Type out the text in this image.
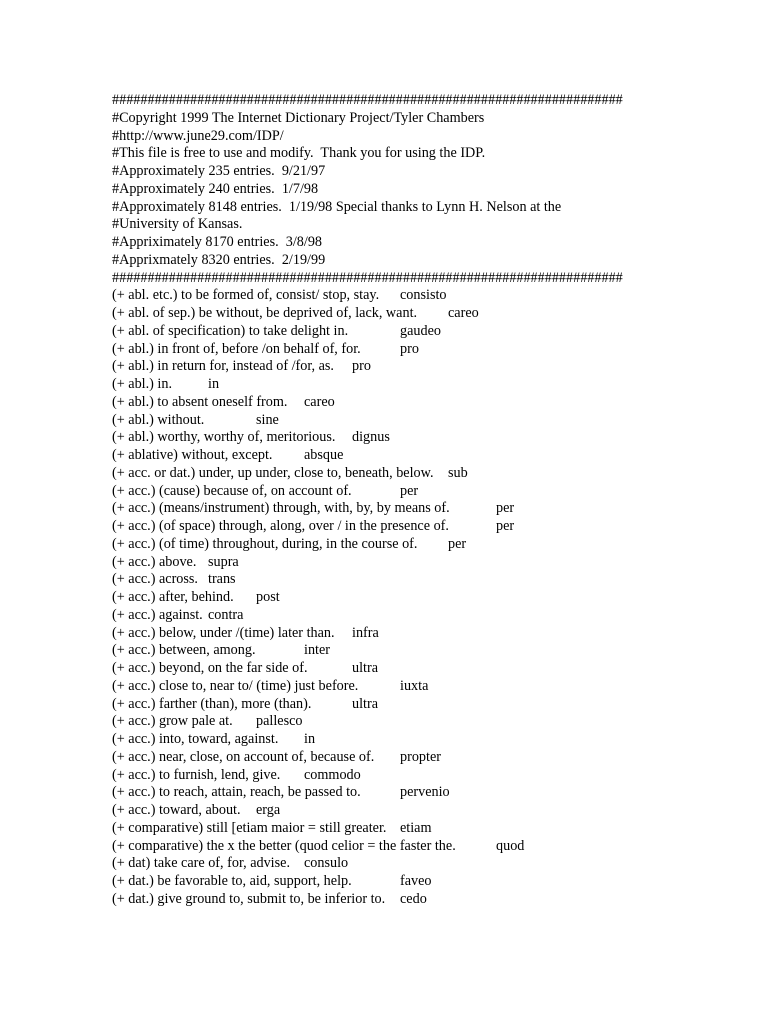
########################################################################
#Copyright 1999 The Internet Dictionary Project/Tyler Chambers
#http://www.june29.com/IDP/
#This file is free to use and modify.  Thank you for using the IDP.
#Approximately 235 entries.  9/21/97
#Approximately 240 entries.  1/7/98
#Approximately 8148 entries.  1/19/98 Special thanks to Lynn H. Nelson at the
#University of Kansas.
#Appriximately 8170 entries.  3/8/98
#Apprixmately 8320 entries.  2/19/99
########################################################################
(+ abl. etc.) to be formed of, consist/ stop, stay. consisto
(+ abl. of sep.) be without, be deprived of, lack, want. careo
(+ abl. of specification) to take delight in.	gaudeo
(+ abl.) in front of, before /on behalf of, for.	pro
(+ abl.) in return for, instead of /for, as. pro
(+ abl.) in.	in
(+ abl.) to absent oneself from. careo
(+ abl.) without.	sine
(+ abl.) worthy, worthy of, meritorious. dignus
(+ ablative) without, except. absque
(+ acc. or dat.) under, up under, close to, beneath, below. sub
(+ acc.) (cause) because of, on account of.	per
(+ acc.) (means/instrument) through, with, by, by means of.	per
(+ acc.) (of space) through, along, over / in the presence of.	per
(+ acc.) (of time) throughout, during, in the course of. per
(+ acc.) above. supra
(+ acc.) across. trans
(+ acc.) after, behind. post
(+ acc.) against. contra
(+ acc.) below, under /(time) later than. infra
(+ acc.) between, among.	inter
(+ acc.) beyond, on the far side of.	ultra
(+ acc.) close to, near to/ (time) just before.	iuxta
(+ acc.) farther (than), more (than).	ultra
(+ acc.) grow pale at. pallesco
(+ acc.) into, toward, against. in
(+ acc.) near, close, on account of, because of. propter
(+ acc.) to furnish, lend, give. commodo
(+ acc.) to reach, attain, reach, be passed to.	pervenio
(+ acc.) toward, about. erga
(+ comparative) still [etiam maior = still greater. etiam
(+ comparative) the x the better (quod celior = the faster the.	quod
(+ dat) take care of, for, advise. consulo
(+ dat.) be favorable to, aid, support, help.	faveo
(+ dat.) give ground to, submit to, be inferior to. cedo
